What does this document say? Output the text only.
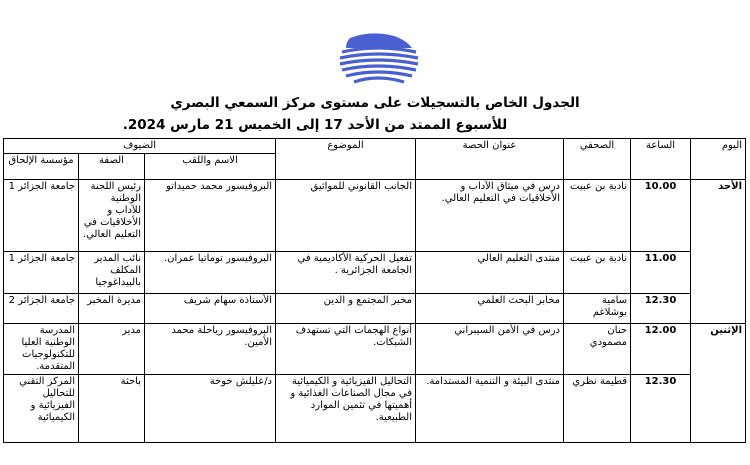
الجدول الخاص بالتسجيلات على مستوى مركز السمعي البصري
للأسبوع الممتد من الأحد 17 إلى الخميس 21 مارس 2024.
اليوم	الساعة	الصحفي	عنوان الحصة	الموضوع	الضيوف		
					الاسم واللقب	الصفة	مؤسسة الإلحاق
الأحد	10.00	نادية بن عبيت	درس في ميثاق الآداب و الأخلاقيات في التعليم العالي.	الجانب القانوني للمواثيق	البروفيسور محمد حميداتو	رئيس اللجنة الوطنية للآداب و الأخلاقيات في التعليم العالي.	جامعة الجزائر 1
	11.00	نادية بن عبيت	منتدى التعليم العالي	تفعيل الحركية الأكاديمية في الجامعة الجزائرية .	البروفيسور توماتيا عمران.	نائب المدير المكلف بالبيداغوجيا	جامعة الجزائر 1
	12.30	سامية بوشلاغم	مخابر البحث العلمي	مخبر المجتمع و الدين	الأستاذة سهام شريف	مديرة المخبر	جامعة الجزائر 2
الإثنين	12.00	حنان مصمودي	درس في الأمن السيبراني	أنواع الهجمات التي تستهدف الشبكات.	البروفيسور رياحلة محمد الأمين.	مدير	المدرسة الوطنية العليا للتكنولوجيات المتقدمة.
	12.30	قطيمة نظري	منتدى البيئة و التنمية المستدامة.	التحاليل الفيزيائية و الكيميائية في مجال الصناعات الغذائية و أهميتها في تثمين الموارد الطبيعية.	د/عليلش خوخة	باحثة	المركز التقني للتحاليل الفيزيائية و الكيميائية
